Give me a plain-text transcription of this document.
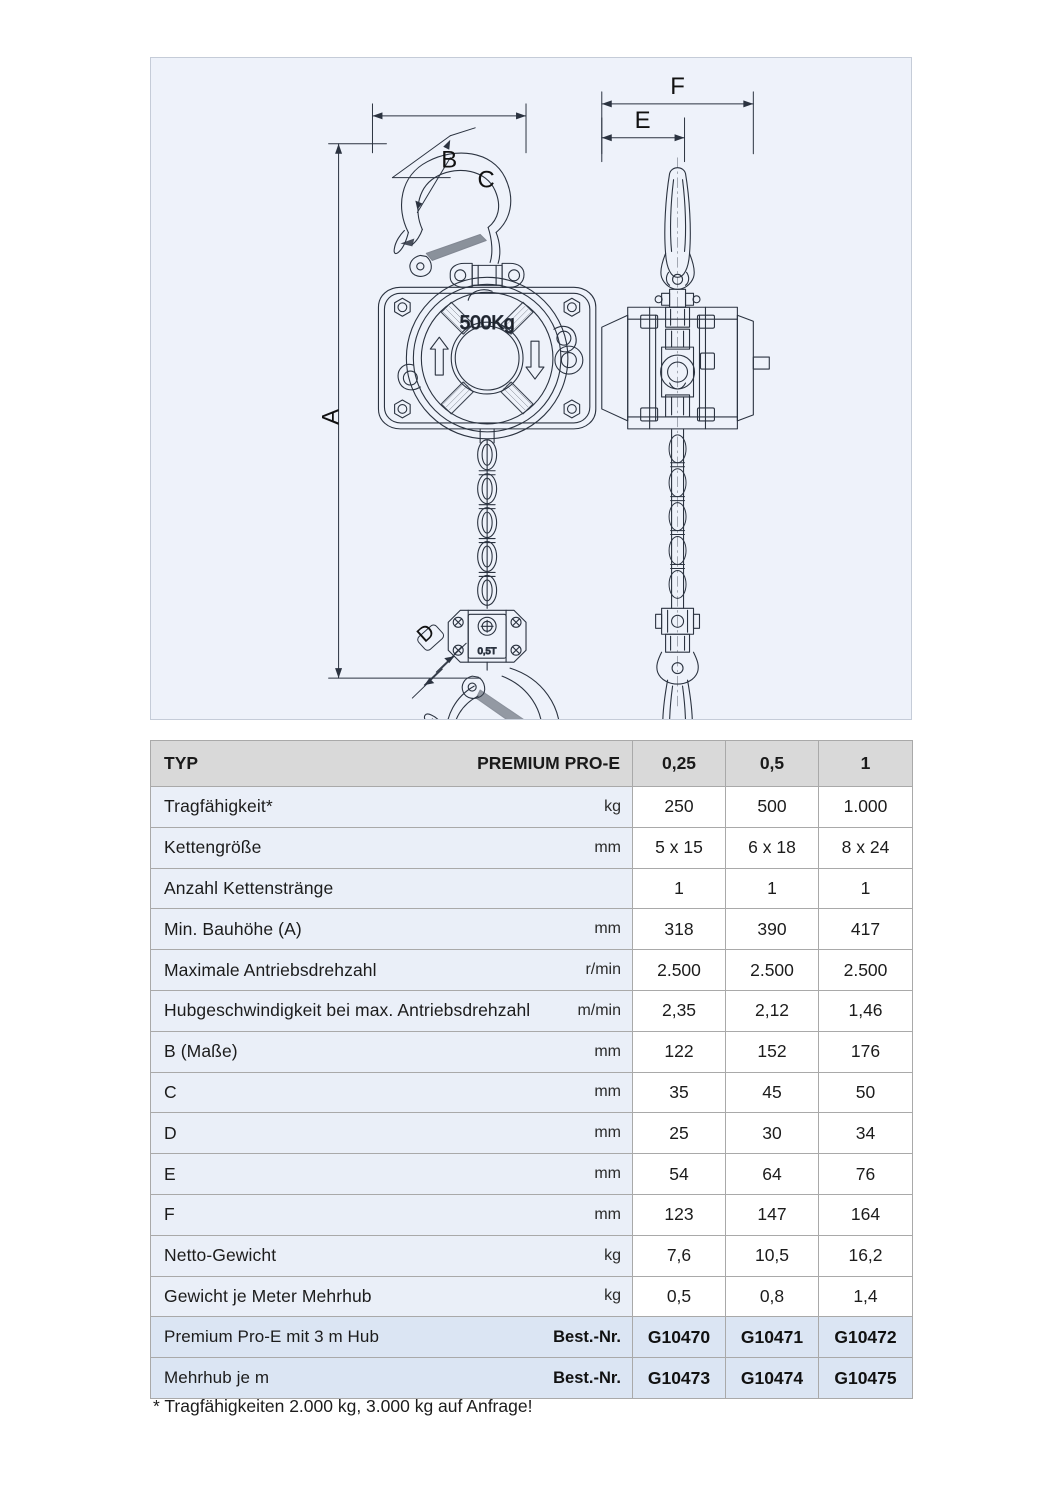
500Kg
0,5T
B
C
A
D
F
E
TYP PREMIUM PRO-E	0,25	0,5	1

Tragfähigkeit* kg	250	500	1.000

Kettengröße mm	5 x 15	6 x 18	8 x 24

Anzahl Kettenstränge	1	1	1

Min. Bauhöhe (A) mm	318	390	417

Maximale Antriebsdrehzahl r/min	2.500	2.500	2.500

Hubgeschwindigkeit bei max. Antriebsdrehzahl m/min	2,35	2,12	1,46

B (Maße) mm	122	152	176

C mm	35	45	50

D mm	25	30	34

E mm	54	64	76

F mm	123	147	164

Netto-Gewicht kg	7,6	10,5	16,2

Gewicht je Meter Mehrhub kg	0,5	0,8	1,4

Premium Pro-E mit 3 m Hub Best.-Nr.	G10470	G10471	G10472

Mehrhub je m Best.-Nr.	G10473	G10474	G10475
* Tragfähigkeiten 2.000 kg, 3.000 kg auf Anfrage!
